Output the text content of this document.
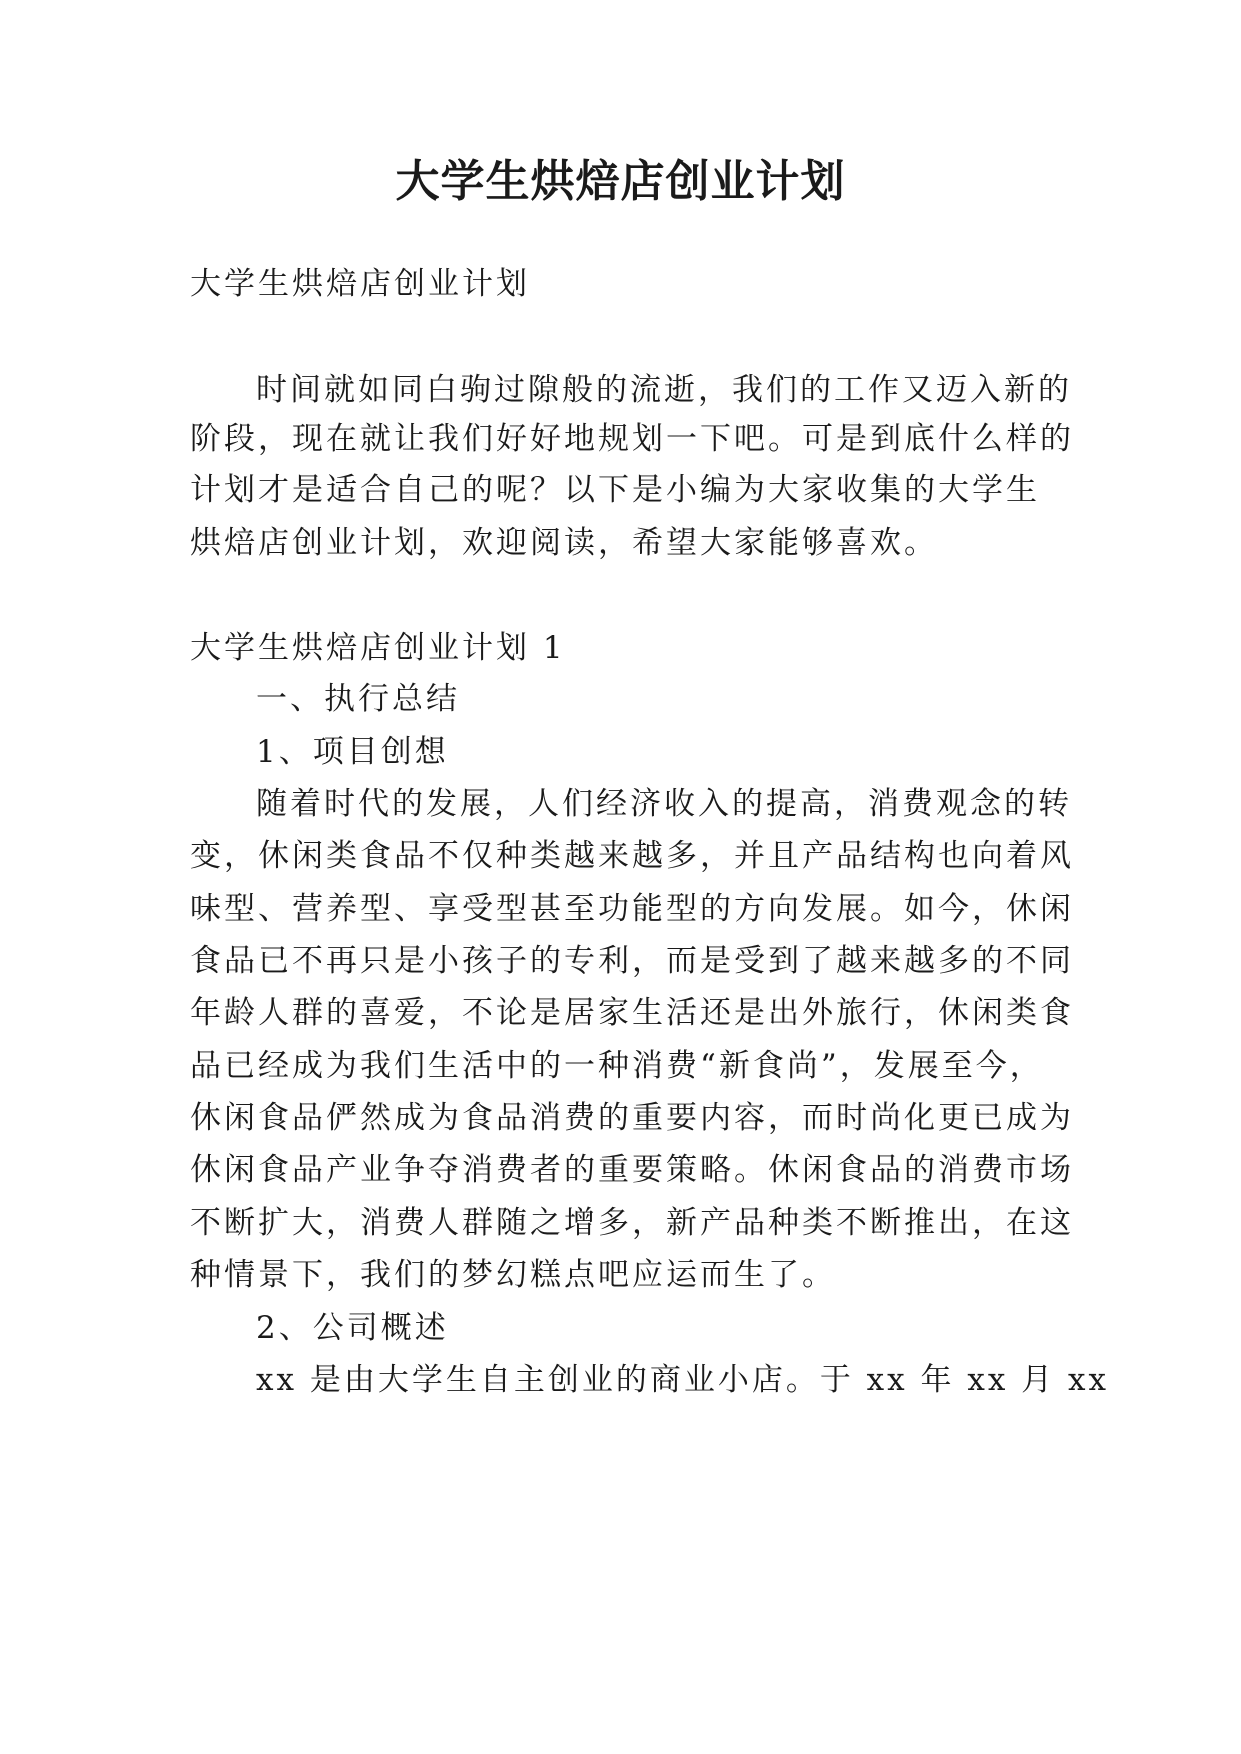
大学生烘焙店创业计划
大学生烘焙店创业计划
时间就如同白驹过隙般的流逝，我们的工作又迈入新的
阶段，现在就让我们好好地规划一下吧。可是到底什么样的
计划才是适合自己的呢？以下是小编为大家收集的大学生
烘焙店创业计划，欢迎阅读，希望大家能够喜欢。
大学生烘焙店创业计划 1
一、执行总结
1、项目创想
随着时代的发展，人们经济收入的提高，消费观念的转
变，休闲类食品不仅种类越来越多，并且产品结构也向着风
味型、营养型、享受型甚至功能型的方向发展。如今，休闲
食品已不再只是小孩子的专利，而是受到了越来越多的不同
年龄人群的喜爱，不论是居家生活还是出外旅行，休闲类食
品已经成为我们生活中的一种消费“新食尚”，发展至今，
休闲食品俨然成为食品消费的重要内容，而时尚化更已成为
休闲食品产业争夺消费者的重要策略。休闲食品的消费市场
不断扩大，消费人群随之增多，新产品种类不断推出，在这
种情景下，我们的梦幻糕点吧应运而生了。
2、公司概述
xx 是由大学生自主创业的商业小店。于 xx 年 xx 月 xx
